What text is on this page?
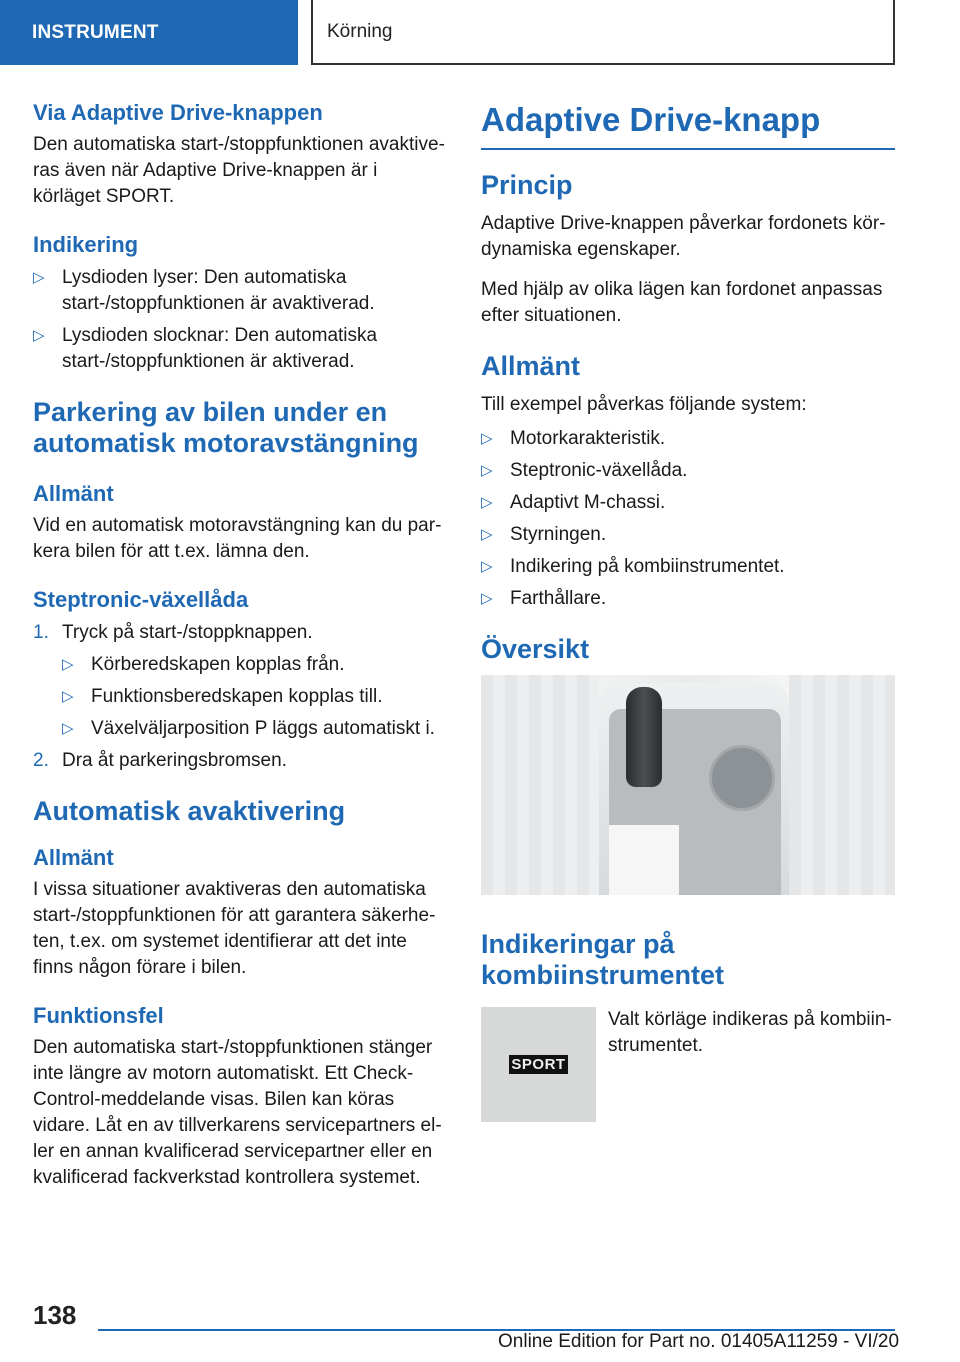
INSTRUMENT	Körning
Via Adaptive Drive-knappen

Den automatiska start-/stoppfunktionen avaktiveras även när Adaptive Drive-knappen är i körläget SPORT.

Indikering
▷ Lysdioden lyser: Den automatiska start-/stoppfunktionen är avaktiverad.
▷ Lysdioden slocknar: Den automatiska start-/stoppfunktionen är aktiverad.
Parkering av bilen under en automatisk motoravstängning
Allmänt

Vid en automatisk motoravstängning kan du parkera bilen för att t.ex. lämna den.

Steptronic-växellåda
1. Tryck på start-/stoppknappen.
▷ Körberedskapen kopplas från.
▷ Funktionsberedskapen kopplas till.
▷ Växelväljarposition P läggs automatiskt i.
2. Dra åt parkeringsbromsen.
Automatisk avaktivering
Allmänt

I vissa situationer avaktiveras den automatiska start-/stoppfunktionen för att garantera säkerheten, t.ex. om systemet identifierar att det inte finns någon förare i bilen.

Funktionsfel

Den automatiska start-/stoppfunktionen stänger inte längre av motorn automatiskt. Ett Check-Control-meddelande visas. Bilen kan köras vidare. Låt en av tillverkarens servicepartners eller en annan kvalificerad servicepartner eller en kvalificerad fackverkstad kontrollera systemet.

Adaptive Drive-knapp
Princip

Adaptive Drive-knappen påverkar fordonets kördynamiska egenskaper.

Med hjälp av olika lägen kan fordonet anpassas efter situationen.

Allmänt

Till exempel påverkas följande system:

▷ Motorkarakteristik.
▷ Steptronic-växellåda.
▷ Adaptivt M-chassi.
▷ Styrningen.
▷ Indikering på kombiinstrumentet.
▷ Farthållare.
Översikt
Indikeringar på kombiinstrumentet
SPORT
Valt körläge indikeras på kombiinstrumentet.
138
Online Edition for Part no. 01405A11259 - VI/20
